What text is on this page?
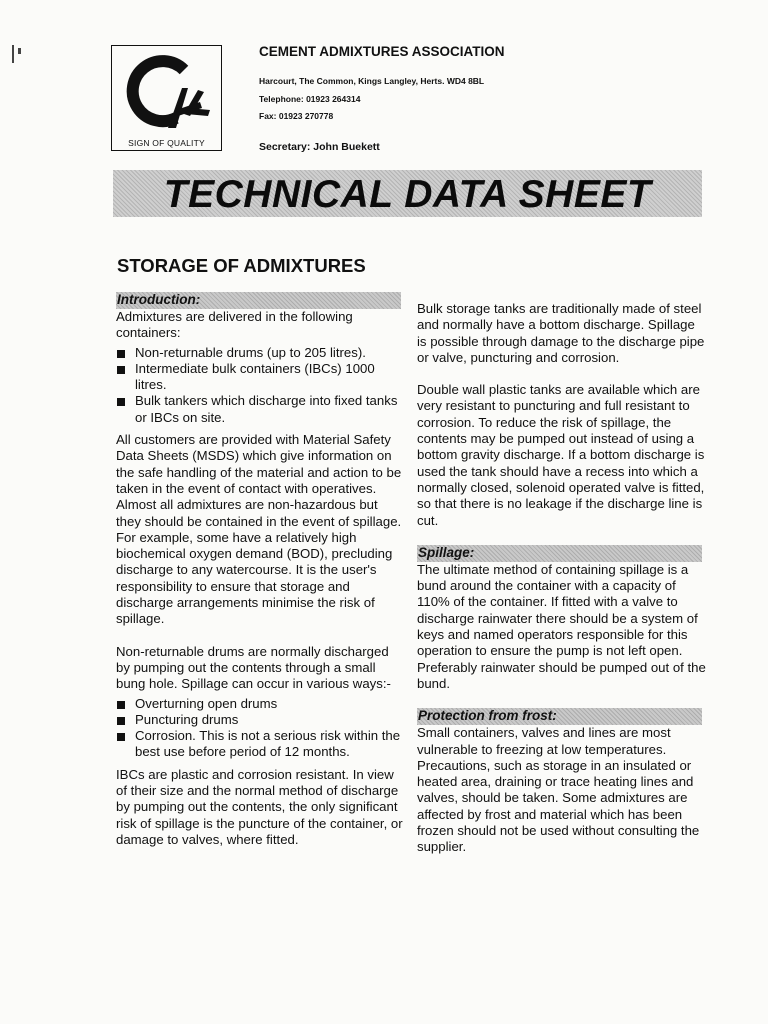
SIGN OF QUALITY
CEMENT ADMIXTURES ASSOCIATION
Harcourt, The Common, Kings Langley, Herts. WD4 8BL
Telephone: 01923 264314
Fax: 01923 270778
Secretary: John Buekett
TECHNICAL DATA SHEET
STORAGE OF ADMIXTURES
Introduction:

Admixtures are delivered in the following containers:

Non-returnable drums (up to 205 litres).
Intermediate bulk containers (IBCs) 1000 litres.
Bulk tankers which discharge into fixed tanks or IBCs on site.

All customers are provided with Material Safety Data Sheets (MSDS) which give information on the safe handling of the material and action to be taken in the event of contact with operatives. Almost all admixtures are non-hazardous but they should be contained in the event of spillage. For example, some have a relatively high biochemical oxygen demand (BOD), precluding discharge to any watercourse. It is the user's responsibility to ensure that storage and discharge arrangements minimise the risk of spillage.

Non-returnable drums are normally discharged by pumping out the contents through a small bung hole. Spillage can occur in various ways:-

Overturning open drums
Puncturing drums
Corrosion. This is not a serious risk within the best use before period of 12 months.

IBCs are plastic and corrosion resistant. In view of their size and the normal method of discharge by pumping out the contents, the only significant risk of spillage is the puncture of the container, or damage to valves, where fitted.

Bulk storage tanks are traditionally made of steel and normally have a bottom discharge. Spillage is possible through damage to the discharge pipe or valve, puncturing and corrosion.

Double wall plastic tanks are available which are very resistant to puncturing and full resistant to corrosion. To reduce the risk of spillage, the contents may be pumped out instead of using a bottom gravity discharge. If a bottom discharge is used the tank should have a recess into which a normally closed, solenoid operated valve is fitted, so that there is no leakage if the discharge line is cut.

Spillage:

The ultimate method of containing spillage is a bund around the container with a capacity of 110% of the container. If fitted with a valve to discharge rainwater there should be a system of keys and named operators responsible for this operation to ensure the pump is not left open. Preferably rainwater should be pumped out of the bund.

Protection from frost:

Small containers, valves and lines are most vulnerable to freezing at low temperatures. Precautions, such as storage in an insulated or heated area, draining or trace heating lines and valves, should be taken. Some admixtures are affected by frost and material which has been frozen should not be used without consulting the supplier.
